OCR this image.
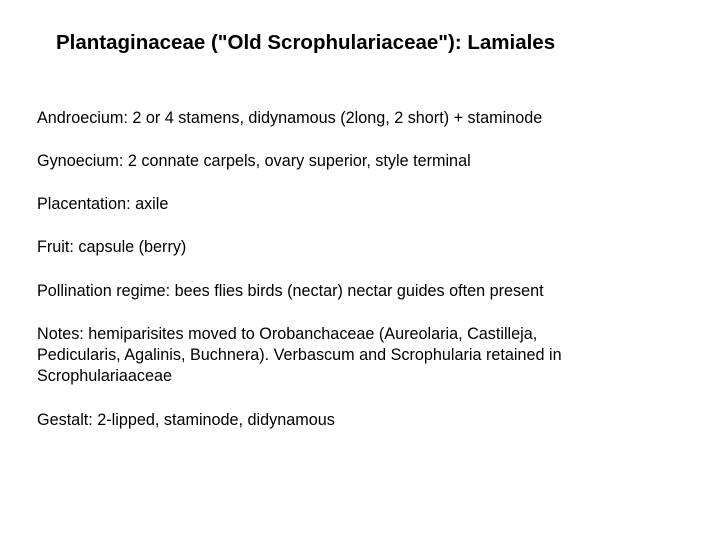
Plantaginaceae ("Old Scrophulariaceae"): Lamiales
Androecium: 2 or 4 stamens, didynamous (2long, 2 short) + staminode
Gynoecium: 2 connate carpels, ovary superior, style terminal
Placentation: axile
Fruit: capsule (berry)
Pollination regime: bees flies birds (nectar) nectar guides often present
Notes: hemiparisites moved to Orobanchaceae (Aureolaria, Castilleja,
Pedicularis, Agalinis, Buchnera). Verbascum and Scrophularia retained in
Scrophulariaaceae
Gestalt: 2-lipped, staminode, didynamous
